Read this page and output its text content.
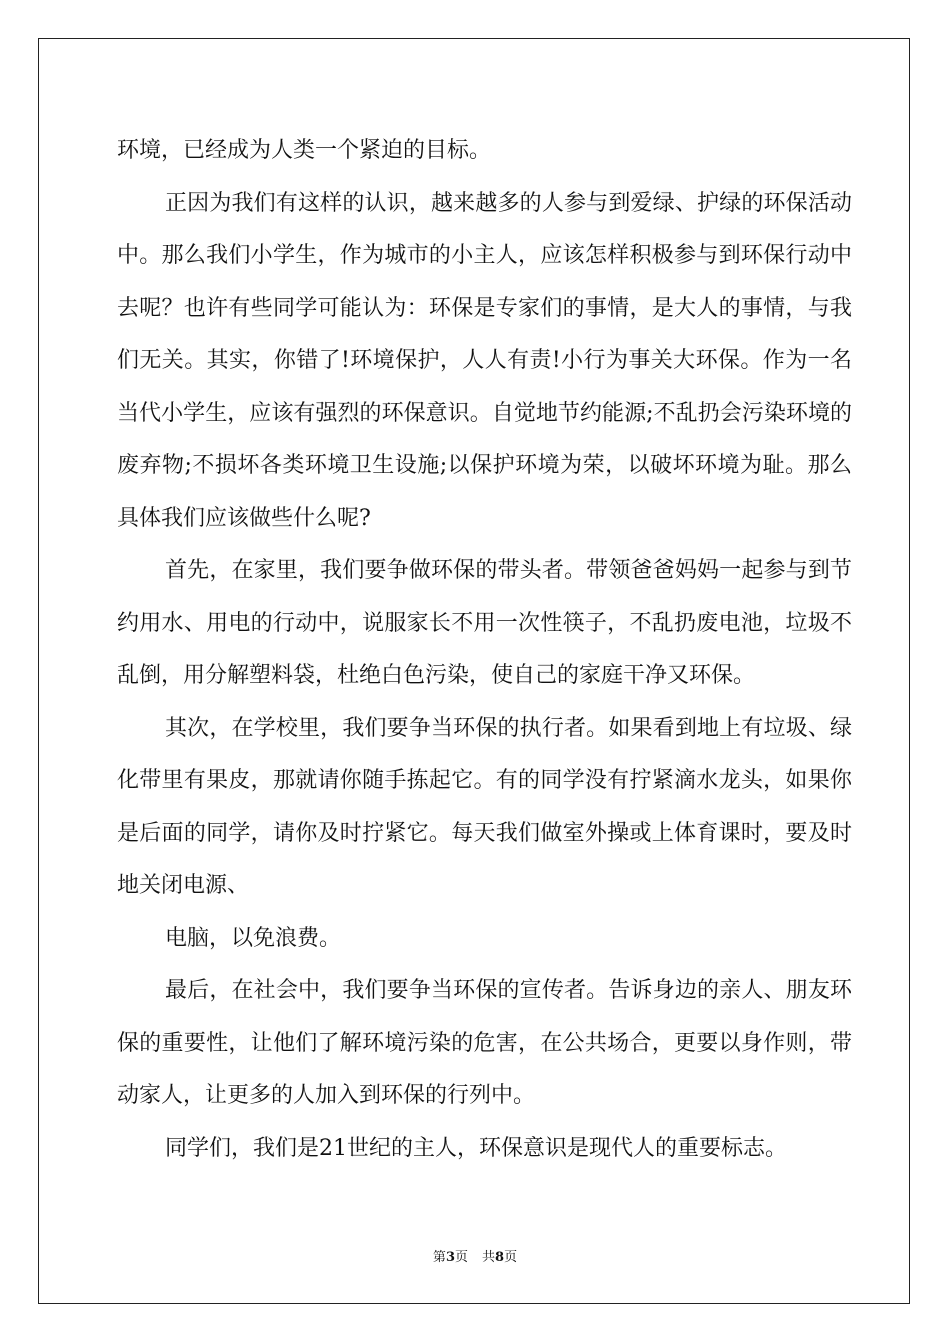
环境，已经成为人类一个紧迫的目标。

正因为我们有这样的认识，越来越多的人参与到爱绿、护绿的环保活动中。那么我们小学生，作为城市的小主人，应该怎样积极参与到环保行动中去呢？也许有些同学可能认为：环保是专家们的事情，是大人的事情，与我们无关。其实，你错了!环境保护，人人有责!小行为事关大环保。作为一名当代小学生，应该有强烈的环保意识。自觉地节约能源;不乱扔会污染环境的废弃物;不损坏各类环境卫生设施;以保护环境为荣，以破坏环境为耻。那么具体我们应该做些什么呢?

首先，在家里，我们要争做环保的带头者。带领爸爸妈妈一起参与到节约用水、用电的行动中，说服家长不用一次性筷子，不乱扔废电池，垃圾不乱倒，用分解塑料袋，杜绝白色污染，使自己的家庭干净又环保。

其次，在学校里，我们要争当环保的执行者。如果看到地上有垃圾、绿化带里有果皮，那就请你随手拣起它。有的同学没有拧紧滴水龙头，如果你是后面的同学，请你及时拧紧它。每天我们做室外操或上体育课时，要及时地关闭电源、

电脑，以免浪费。

最后，在社会中，我们要争当环保的宣传者。告诉身边的亲人、朋友环保的重要性，让他们了解环境污染的危害，在公共场合，更要以身作则，带动家人，让更多的人加入到环保的行列中。

同学们，我们是21世纪的主人，环保意识是现代人的重要标志。

第3页 共8页
